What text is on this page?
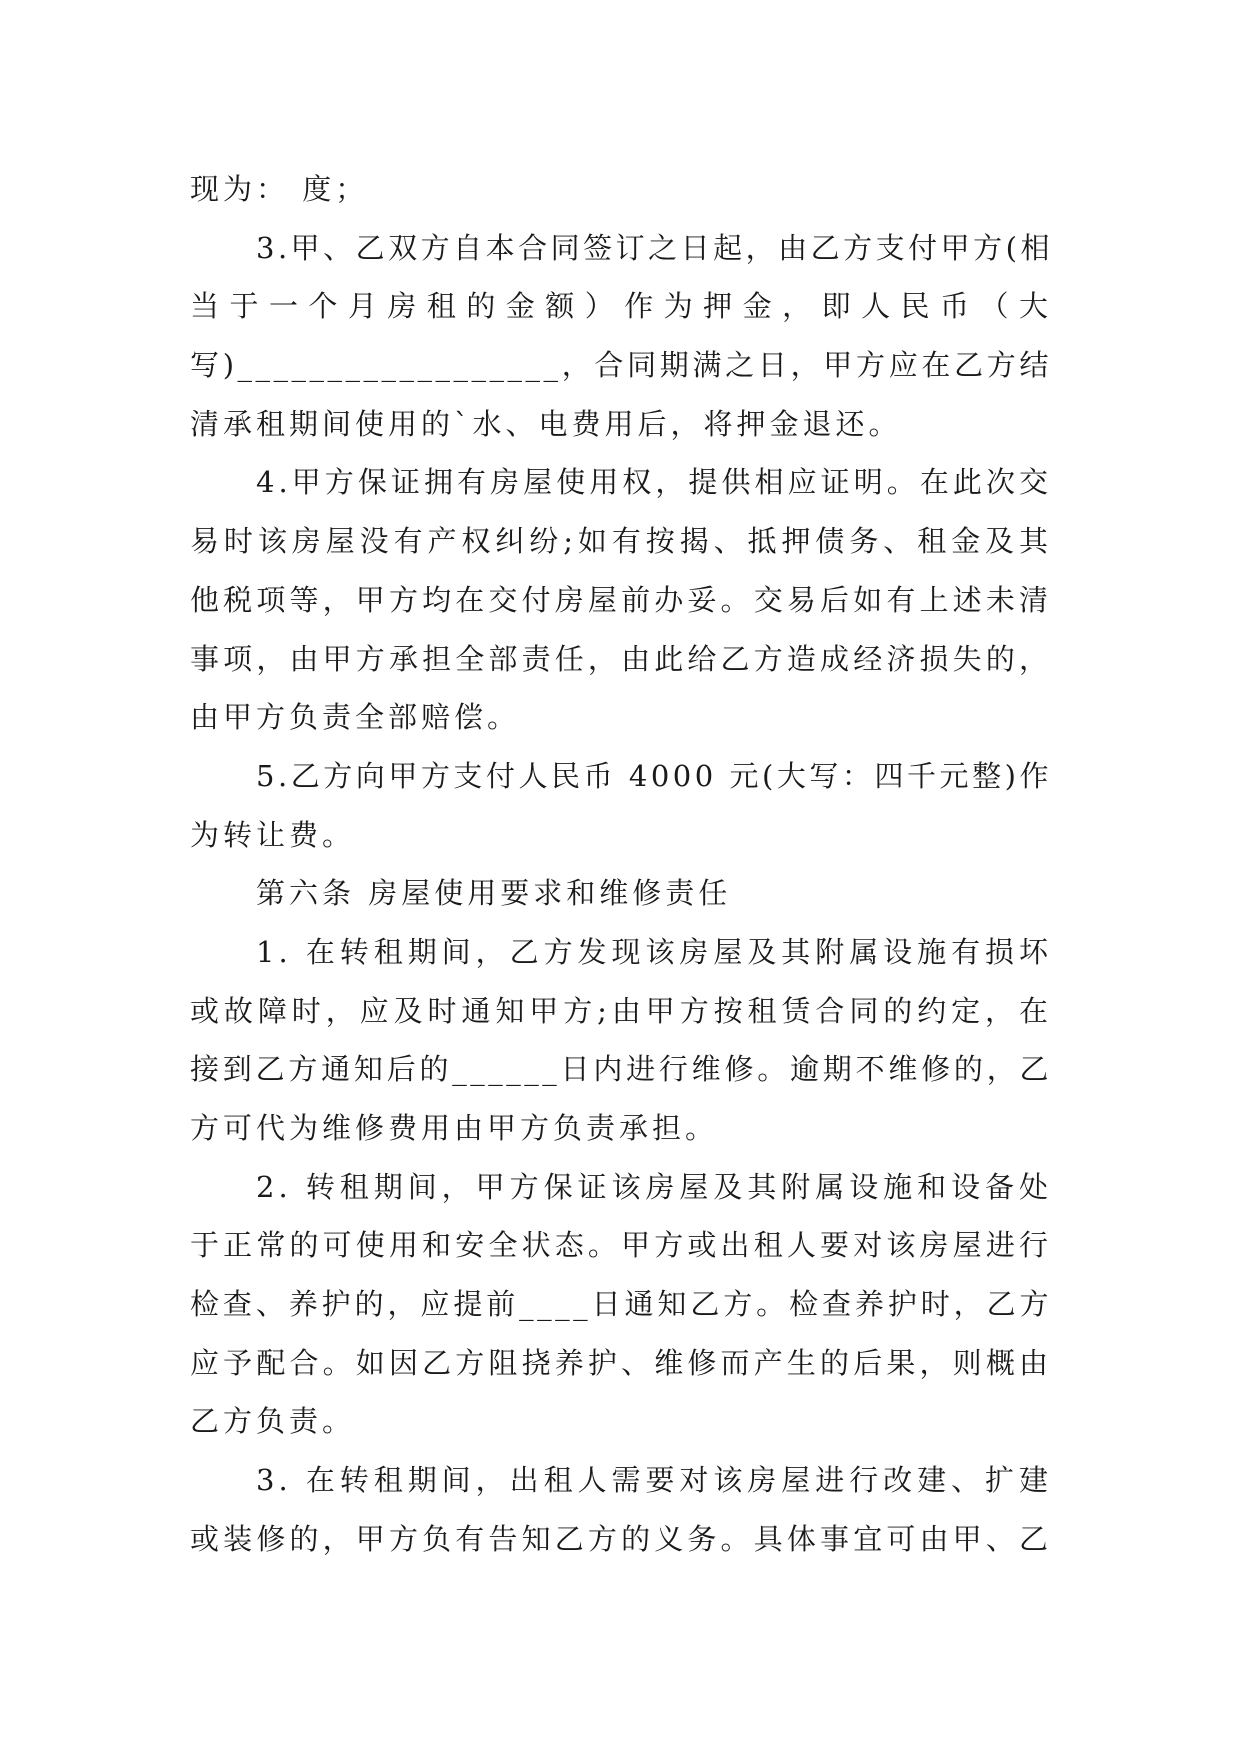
现为： 度；
3.甲、乙双方自本合同签订之日起，由乙方支付甲方(相
当于一个月房租的金额）作为押金，即人民币（大
写)__________________，合同期满之日，甲方应在乙方结
清承租期间使用的`水、电费用后，将押金退还。
4.甲方保证拥有房屋使用权，提供相应证明。在此次交
易时该房屋没有产权纠纷;如有按揭、抵押债务、租金及其
他税项等，甲方均在交付房屋前办妥。交易后如有上述未清
事项，由甲方承担全部责任，由此给乙方造成经济损失的，
由甲方负责全部赔偿。
5.乙方向甲方支付人民币 4000 元(大写：四千元整)作
为转让费。
第六条 房屋使用要求和维修责任
1. 在转租期间，乙方发现该房屋及其附属设施有损坏
或故障时，应及时通知甲方;由甲方按租赁合同的约定，在
接到乙方通知后的______日内进行维修。逾期不维修的，乙
方可代为维修费用由甲方负责承担。
2. 转租期间，甲方保证该房屋及其附属设施和设备处
于正常的可使用和安全状态。甲方或出租人要对该房屋进行
检查、养护的，应提前____日通知乙方。检查养护时，乙方
应予配合。如因乙方阻挠养护、维修而产生的后果，则概由
乙方负责。
3. 在转租期间，出租人需要对该房屋进行改建、扩建
或装修的，甲方负有告知乙方的义务。具体事宜可由甲、乙
